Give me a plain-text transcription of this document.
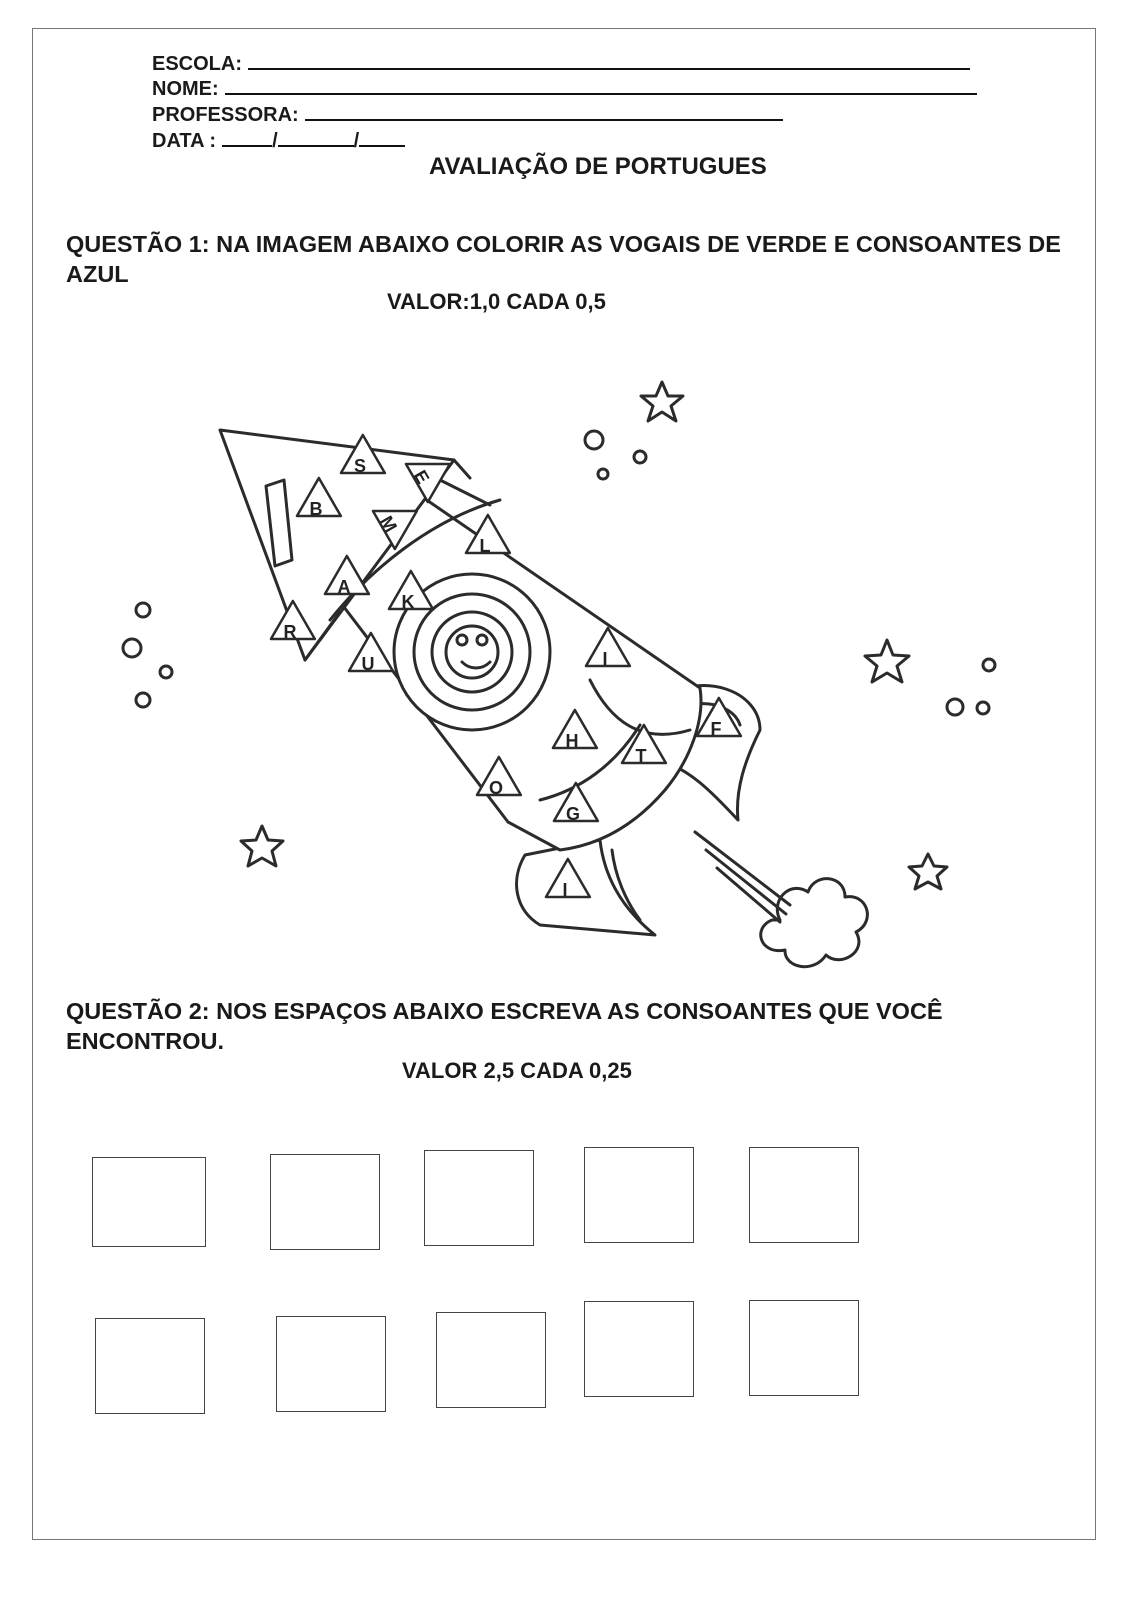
ESCOLA:
NOME:
PROFESSORA:
DATA :	/	/
AVALIAÇÃO DE PORTUGUES
QUESTÃO 1: NA IMAGEM ABAIXO COLORIR AS VOGAIS DE VERDE E CONSOANTES DE AZUL
VALOR:1,0 CADA 0,5
S
E
B
M
L
A
K
R
U	I
H
T
F
O
G
I
QUESTÃO 2: NOS ESPAÇOS ABAIXO ESCREVA AS CONSOANTES QUE VOCÊ ENCONTROU.
VALOR 2,5 CADA 0,25
